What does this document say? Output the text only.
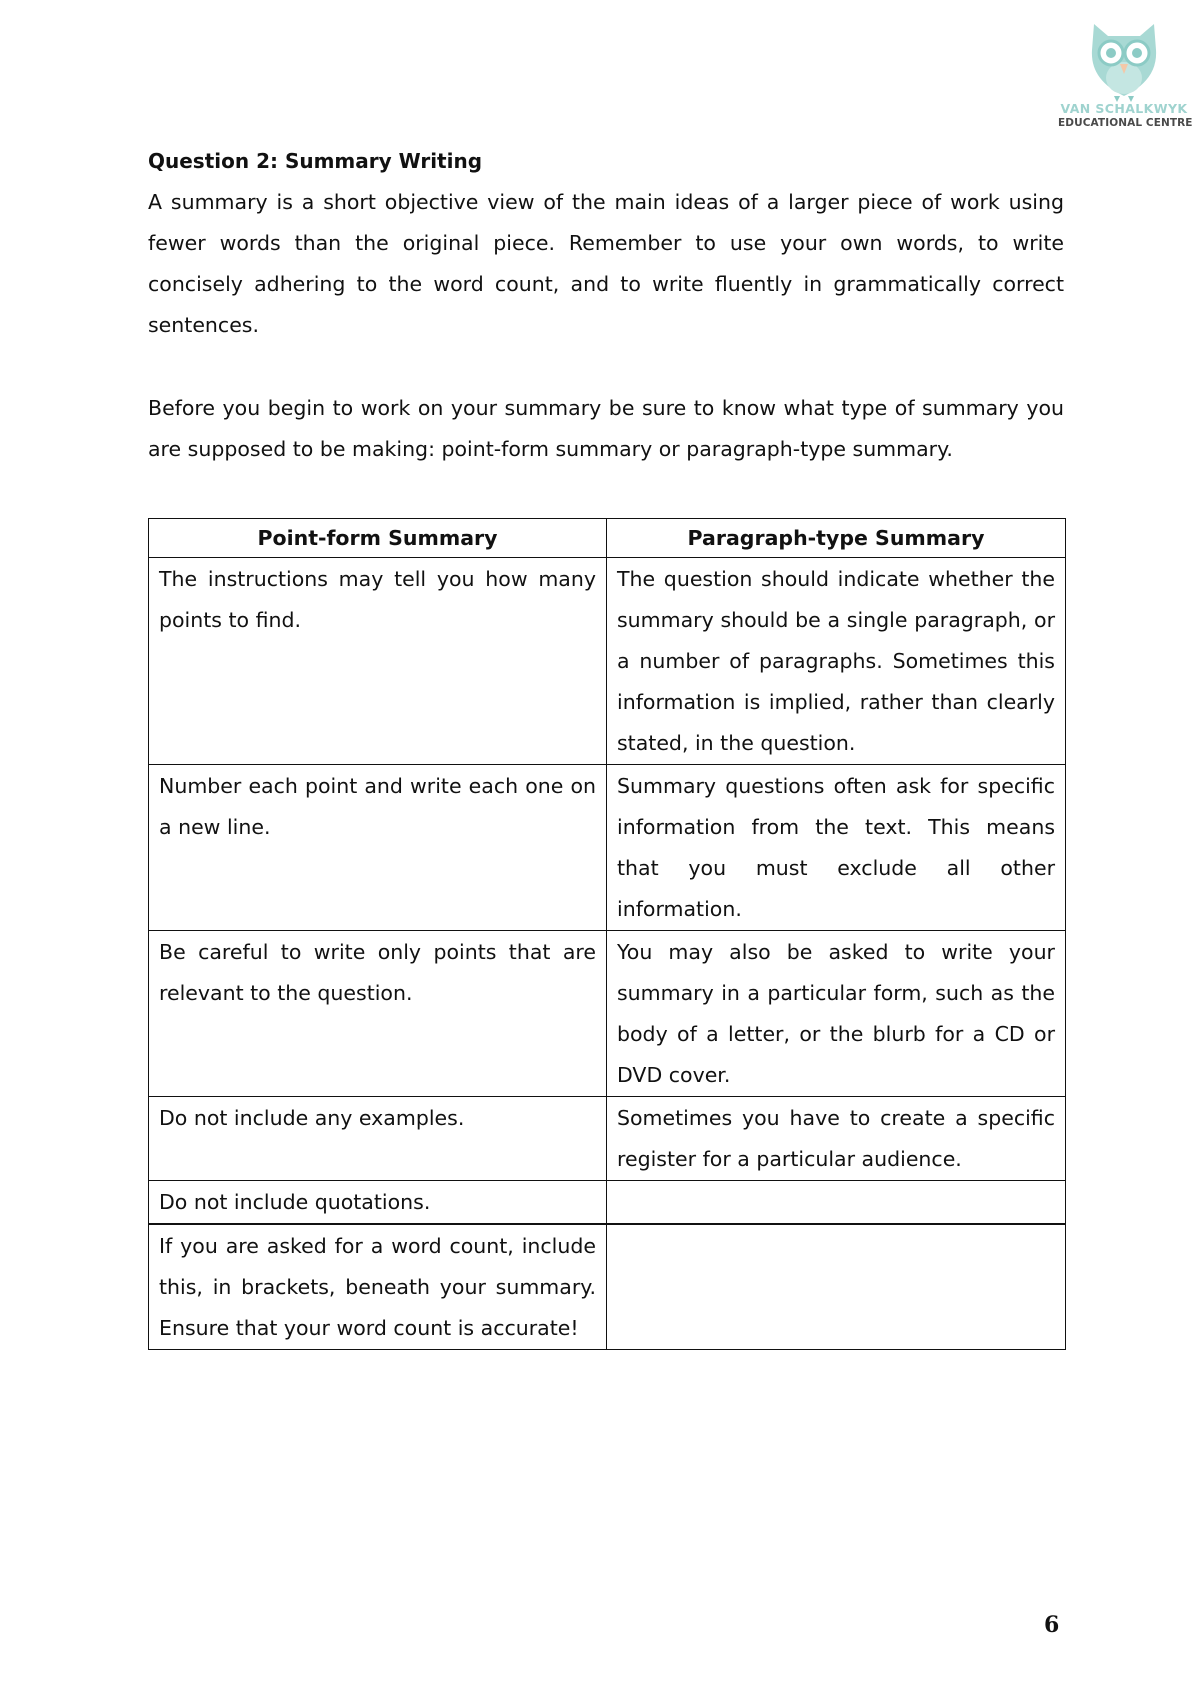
VAN SCHALKWYK
EDUCATIONAL CENTRE
Question 2: Summary Writing

A summary is a short objective view of the main ideas of a larger piece of work using fewer words than the original piece. Remember to use your own words, to write concisely adhering to the word count, and to write fluently in grammatically correct sentences.

Before you begin to work on your summary be sure to know what type of summary you are supposed to be making: point-form summary or paragraph-type summary.

Point-form Summary	Paragraph-type Summary
The instructions may tell you how many points to find.	The question should indicate whether the summary should be a single paragraph, or a number of paragraphs. Sometimes this information is implied, rather than clearly stated, in the question.
Number each point and write each one on a new line.	Summary questions often ask for specific information from the text. This means that you must exclude all other information.
Be careful to write only points that are relevant to the question.	You may also be asked to write your summary in a particular form, such as the body of a letter, or the blurb for a CD or DVD cover.
Do not include any examples.	Sometimes you have to create a specific register for a particular audience.
Do not include quotations.	
If you are asked for a word count, include this, in brackets, beneath your summary. Ensure that your word count is accurate!	
6
